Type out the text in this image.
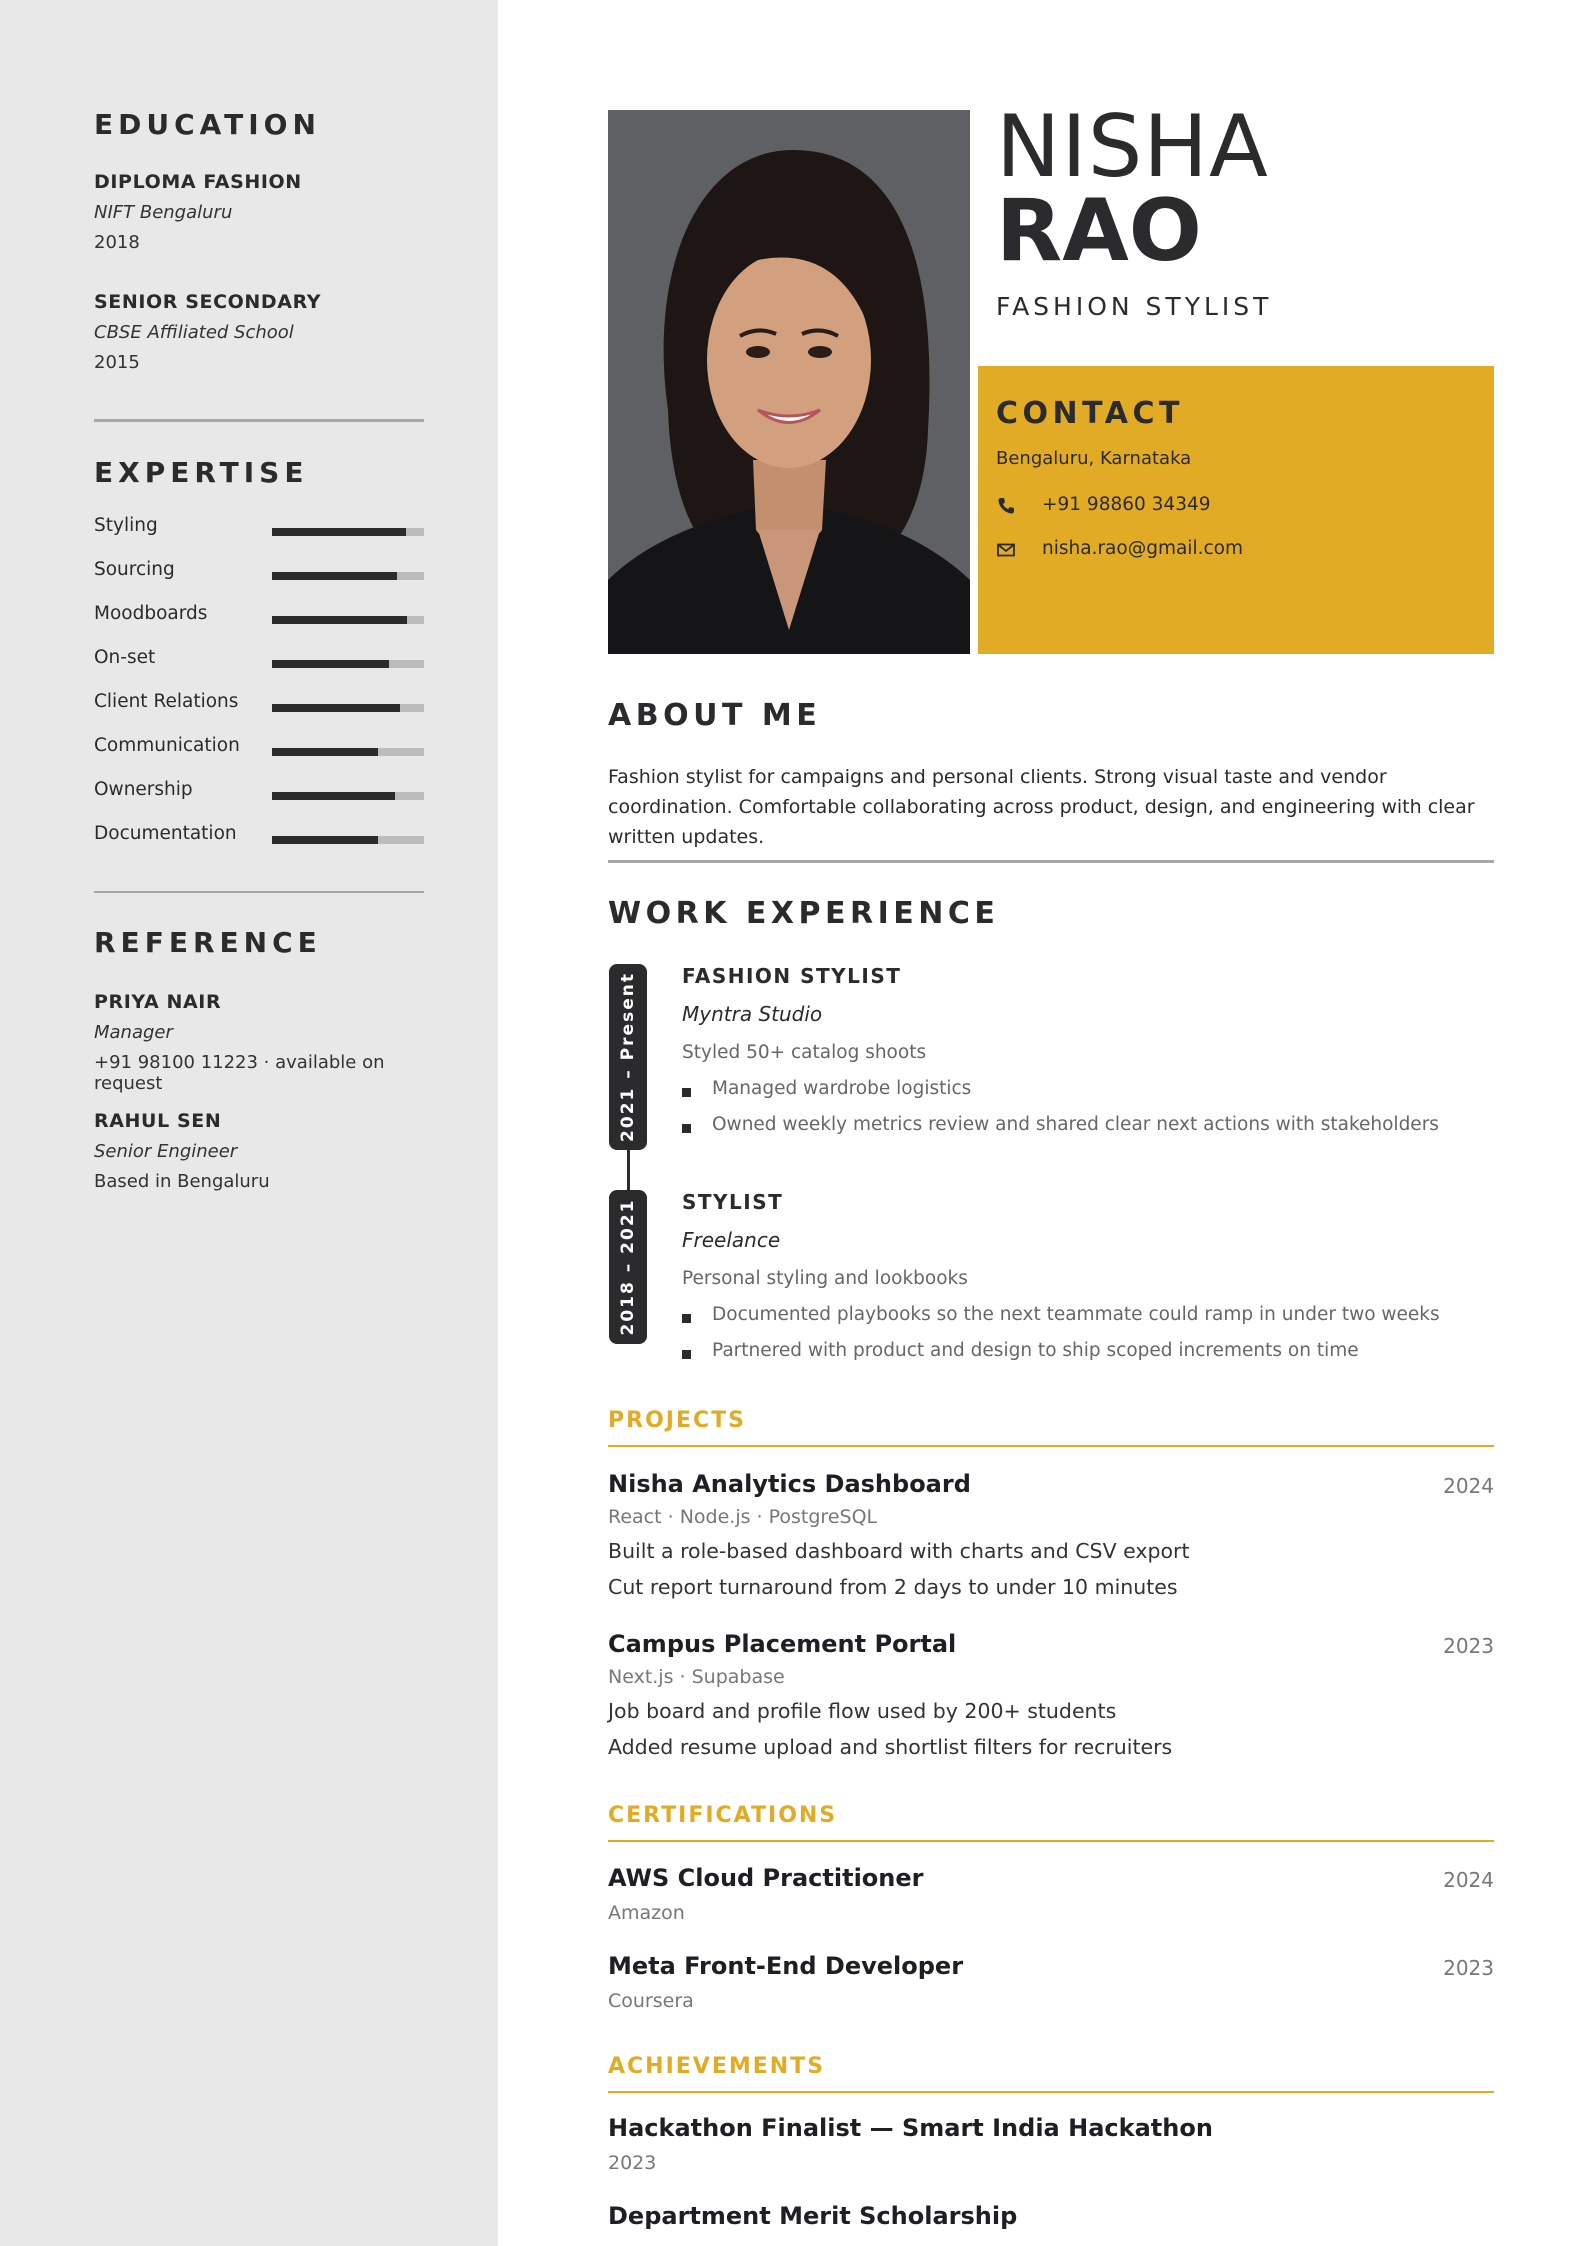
EDUCATION
DIPLOMA FASHION
NIFT Bengaluru
2018
SENIOR SECONDARY
CBSE Affiliated School
2015
EXPERTISE
Styling
Sourcing
Moodboards
On-set
Client Relations
Communication
Ownership
Documentation
REFERENCE
PRIYA NAIR
Manager
+91 98100 11223 · available on request
RAHUL SEN
Senior Engineer
Based in Bengaluru
NISHA
RAO
FASHION STYLIST
CONTACT
Bengaluru, Karnataka
+91 98860 34349
nisha.rao@gmail.com
ABOUT ME
Fashion stylist for campaigns and personal clients. Strong visual taste and vendor coordination. Comfortable collaborating across product, design, and engineering with clear written updates.
WORK EXPERIENCE
2021 – Present
2018 – 2021
FASHION STYLIST
Myntra Studio
Styled 50+ catalog shoots
Managed wardrobe logistics
Owned weekly metrics review and shared clear next actions with stakeholders
STYLIST
Freelance
Personal styling and lookbooks
Documented playbooks so the next teammate could ramp in under two weeks
Partnered with product and design to ship scoped increments on time
PROJECTS
Nisha Analytics Dashboard	2024
React · Node.js · PostgreSQL
Built a role-based dashboard with charts and CSV export
Cut report turnaround from 2 days to under 10 minutes
Campus Placement Portal	2023
Next.js · Supabase
Job board and profile flow used by 200+ students
Added resume upload and shortlist filters for recruiters
CERTIFICATIONS
AWS Cloud Practitioner	2024
Amazon
Meta Front-End Developer	2023
Coursera
ACHIEVEMENTS
Hackathon Finalist — Smart India Hackathon
2023
Department Merit Scholarship
